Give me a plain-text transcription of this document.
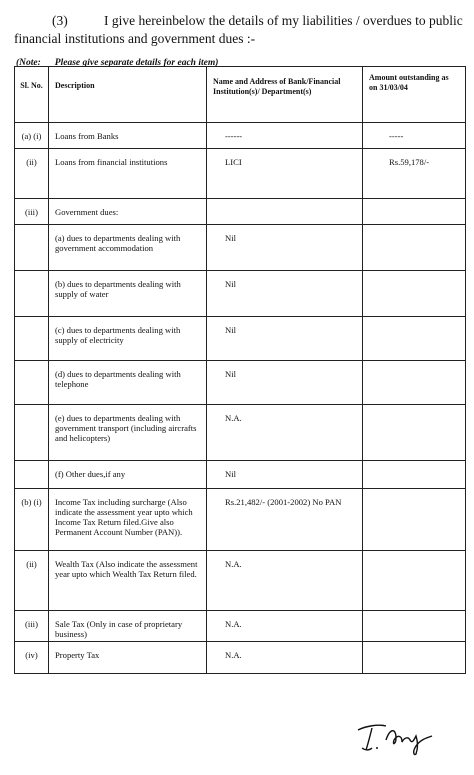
(3)	I give hereinbelow the details of my liabilities / overdues to public financial institutions and government dues :-
(Note: Please give separate details for each item)
Sl. No.	Description	Name and Address of Bank/Financial Institution(s)/ Department(s)	Amount outstanding as on 31/03/04
(a) (i)	Loans from Banks	------	-----
(ii)	Loans from financial institutions	LICI	Rs.59,178/-
(iii)	Government dues:		
	(a) dues to departments dealing with government accommodation	Nil	
	(b) dues to departments dealing with supply of water	Nil	
	(c) dues to departments dealing with supply of electricity	Nil	
	(d) dues to departments dealing with telephone	Nil	
	(e) dues to departments dealing with government transport (including aircrafts and helicopters)	N.A.	
	(f) Other dues,if any	Nil	
(b) (i)	Income Tax including surcharge (Also indicate the assessment year upto which Income Tax Return filed.Give also Permanent Account Number (PAN)).	Rs.21,482/- (2001-2002) No PAN	
(ii)	Wealth Tax (Also indicate the assessment year upto which Wealth Tax Return filed.	N.A.	
(iii)	Sale Tax (Only in case of proprietary business)	N.A.	
(iv)	Property Tax	N.A.	
